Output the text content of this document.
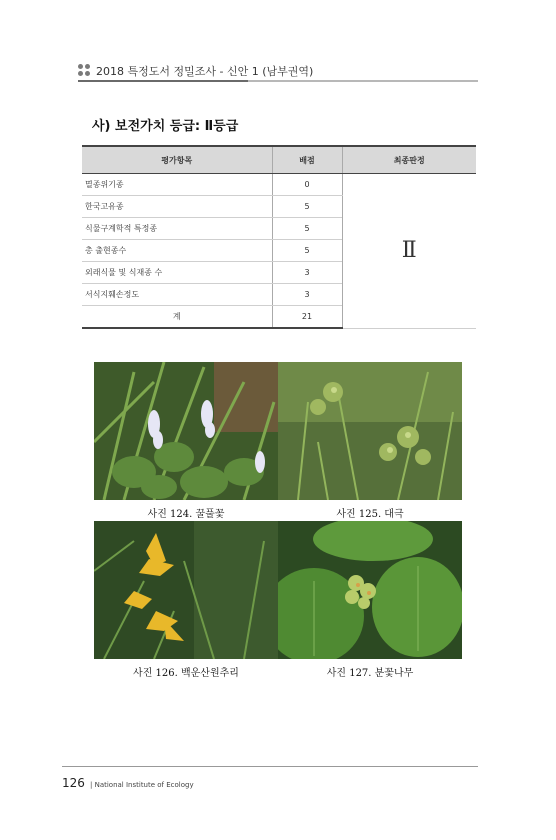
2018 특정도서 정밀조사 - 신안 1 (남부권역)
사) 보전가치 등급: Ⅱ등급
평가항목	배점	최종판정
멸종위기종	0	Ⅱ
한국고유종	5	
식물구계학적 특정종	5	
총 출현종수	5	
외래식물 및 식재종 수	3	
서식지훼손정도	3	
계	21	
사진 124. 꿀풀꽃	사진 125. 대극
사진 126. 백운산원추리	사진 127. 분꽃나무
126 | National Institute of Ecology
